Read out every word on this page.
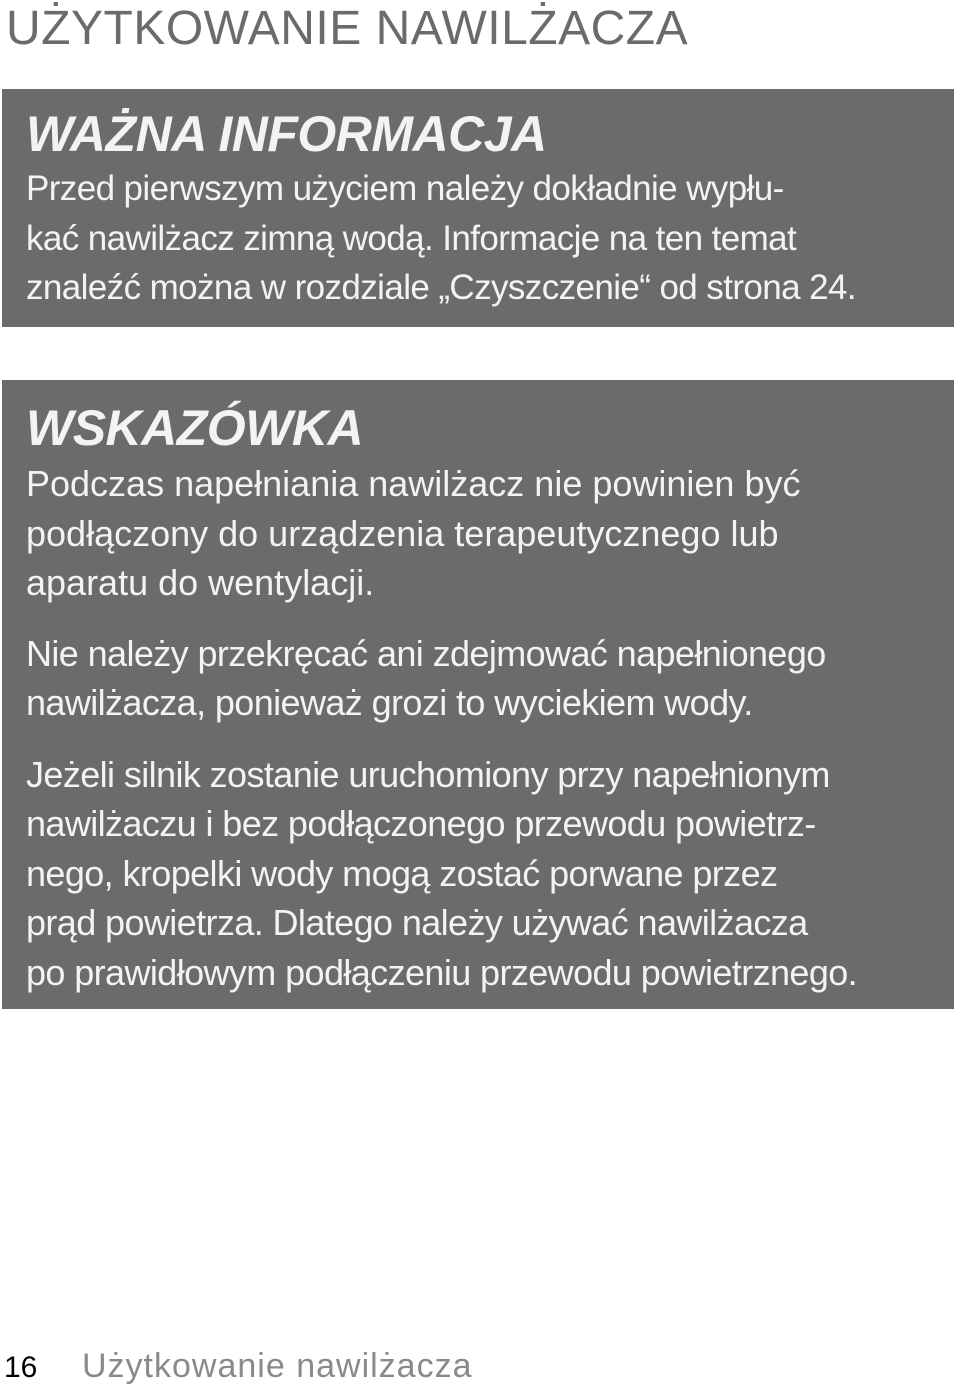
UŻYTKOWANIE NAWILŻACZA
WAŻNA INFORMACJA

Przed pierwszym użyciem należy dokładnie wypłu-
kać nawilżacz zimną wodą. Informacje na ten temat
znaleźć można w rozdziale „Czyszczenie“ od strona 24.

WSKAZÓWKA

Podczas napełniania nawilżacz nie powinien być
podłączony do urządzenia terapeutycznego lub
aparatu do wentylacji.

Nie należy przekręcać ani zdejmować napełnionego
nawilżacza, ponieważ grozi to wyciekiem wody.

Jeżeli silnik zostanie uruchomiony przy napełnionym
nawilżaczu i bez podłączonego przewodu powietrz-
nego, kropelki wody mogą zostać porwane przez
prąd powietrza. Dlatego należy używać nawilżacza
po prawidłowym podłączeniu przewodu powietrznego.

16 Użytkowanie nawilżacza
